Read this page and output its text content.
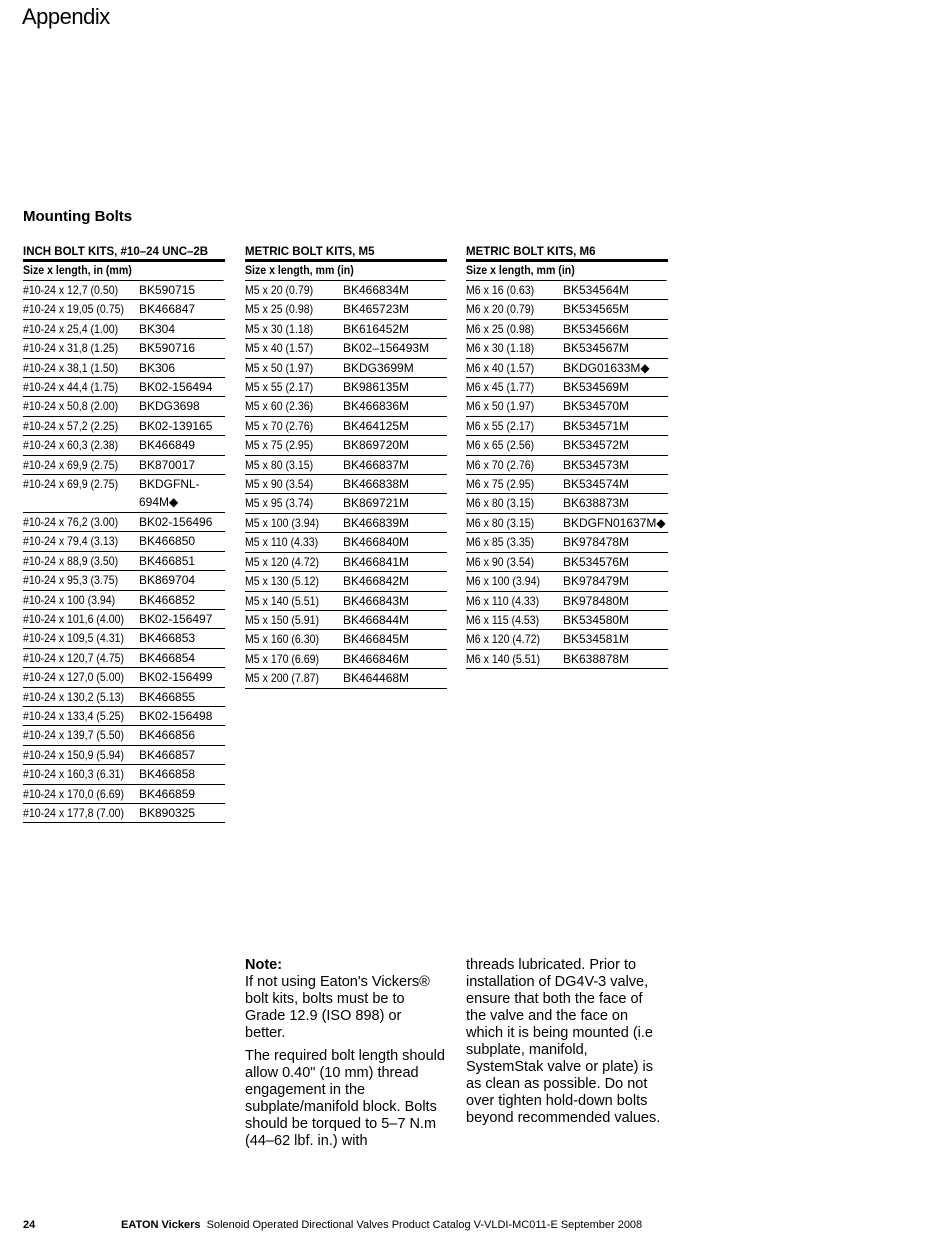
Appendix
Mounting Bolts
INCH BOLT KITS, #10–24 UNC–2B
Size x length, in (mm)
#10-24 x 12,7 (0.50)	BK590715
#10-24 x 19,05 (0.75)	BK466847
#10-24 x 25,4 (1.00)	BK304
#10-24 x 31,8 (1.25)	BK590716
#10-24 x 38,1 (1.50)	BK306
#10-24 x 44,4 (1.75)	BK02-156494
#10-24 x 50,8 (2.00)	BKDG3698
#10-24 x 57,2 (2.25)	BK02-139165
#10-24 x 60,3 (2.38)	BK466849
#10-24 x 69,9 (2.75)	BK870017
#10-24 x 69,9 (2.75)	BKDGFNL-694M◆
#10-24 x 76,2 (3.00)	BK02-156496
#10-24 x 79,4 (3.13)	BK466850
#10-24 x 88,9 (3.50)	BK466851
#10-24 x 95,3 (3.75)	BK869704
#10-24 x 100 (3.94)	BK466852
#10-24 x 101,6 (4.00)	BK02-156497
#10-24 x 109,5 (4.31)	BK466853
#10-24 x 120,7 (4.75)	BK466854
#10-24 x 127,0 (5.00)	BK02-156499
#10-24 x 130,2 (5.13)	BK466855
#10-24 x 133,4 (5.25)	BK02-156498
#10-24 x 139,7 (5.50)	BK466856
#10-24 x 150,9 (5.94)	BK466857
#10-24 x 160,3 (6.31)	BK466858
#10-24 x 170,0 (6.69)	BK466859
#10-24 x 177,8 (7.00)	BK890325
METRIC BOLT KITS, M5
Size x length, mm (in)
M5 x 20 (0.79)	BK466834M
M5 x 25 (0.98)	BK465723M
M5 x 30 (1.18)	BK616452M
M5 x 40 (1.57)	BK02–156493M
M5 x 50 (1.97)	BKDG3699M
M5 x 55 (2.17)	BK986135M
M5 x 60 (2.36)	BK466836M
M5 x 70 (2.76)	BK464125M
M5 x 75 (2.95)	BK869720M
M5 x 80 (3.15)	BK466837M
M5 x 90 (3.54)	BK466838M
M5 x 95 (3.74)	BK869721M
M5 x 100 (3.94)	BK466839M
M5 x 110 (4.33)	BK466840M
M5 x 120 (4.72)	BK466841M
M5 x 130 (5.12)	BK466842M
M5 x 140 (5.51)	BK466843M
M5 x 150 (5.91)	BK466844M
M5 x 160 (6.30)	BK466845M
M5 x 170 (6.69)	BK466846M
M5 x 200 (7.87)	BK464468M
METRIC BOLT KITS, M6
Size x length, mm (in)
M6 x 16 (0.63)	BK534564M
M6 x 20 (0.79)	BK534565M
M6 x 25 (0.98)	BK534566M
M6 x 30 (1.18)	BK534567M
M6 x 40 (1.57)	BKDG01633M◆
M6 x 45 (1.77)	BK534569M
M6 x 50 (1.97)	BK534570M
M6 x 55 (2.17)	BK534571M
M6 x 65 (2.56)	BK534572M
M6 x 70 (2.76)	BK534573M
M6 x 75 (2.95)	BK534574M
M6 x 80 (3.15)	BK638873M
M6 x 80 (3.15)	BKDGFN01637M◆
M6 x 85 (3.35)	BK978478M
M6 x 90 (3.54)	BK534576M
M6 x 100 (3.94)	BK978479M
M6 x 110 (4.33)	BK978480M
M6 x 115 (4.53)	BK534580M
M6 x 120 (4.72)	BK534581M
M6 x 140 (5.51)	BK638878M
Note:

If not using Eaton's Vickers® bolt kits, bolts must be to Grade 12.9 (ISO 898) or better.

The required bolt length should allow 0.40" (10 mm) thread engagement in the subplate/manifold block. Bolts should be torqued to 5–7 N.m (44–62 lbf. in.) with

threads lubricated. Prior to installation of DG4V-3 valve, ensure that both the face of the valve and the face on which it is being mounted (i.e subplate, manifold, SystemStak valve or plate) is as clean as possible. Do not over tighten hold-down bolts beyond recommended values.

24	EATON Vickers Solenoid Operated Directional Valves Product Catalog V-VLDI-MC011-E September 2008
